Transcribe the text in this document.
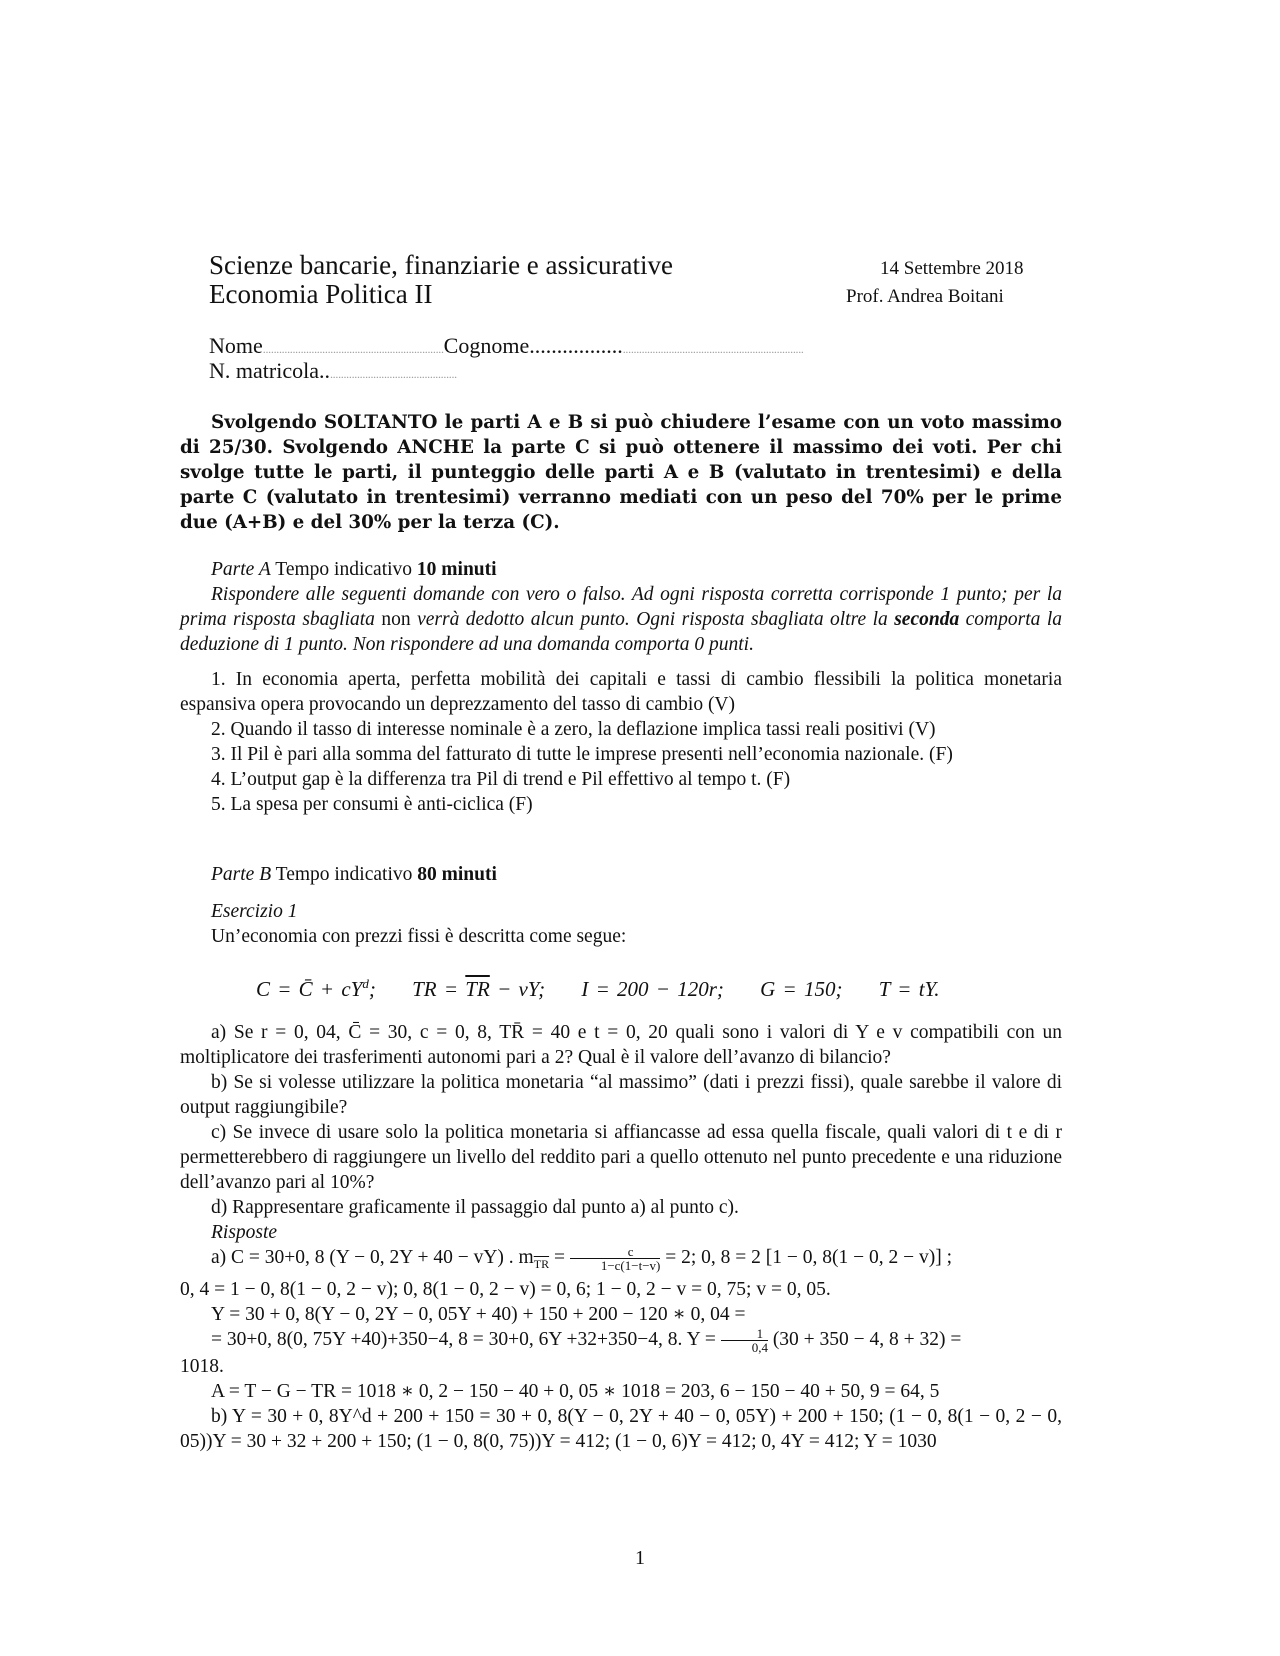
Scienze bancarie, finanziarie e assicurative
Economia Politica II
14 Settembre 2018
Prof. Andrea Boitani
Nome...................................................................Cognome....................................................................................
N. matricola.................................................

Svolgendo SOLTANTO le parti A e B si può chiudere l’esame con un voto massimo di 25/30. Svolgendo ANCHE la parte C si può ottenere il massimo dei voti. Per chi svolge tutte le parti, il punteggio delle parti A e B (valutato in trentesimi) e della parte C (valutato in trentesimi) verranno mediati con un peso del 70% per le prime due (A+B) e del 30% per la terza (C).

Parte A Tempo indicativo 10 minuti

Rispondere alle seguenti domande con vero o falso. Ad ogni risposta corretta corrisponde 1 punto; per la prima risposta sbagliata non verrà dedotto alcun punto. Ogni risposta sbagliata oltre la seconda comporta la deduzione di 1 punto. Non rispondere ad una domanda comporta 0 punti.

1. In economia aperta, perfetta mobilità dei capitali e tassi di cambio flessibili la politica monetaria espansiva opera provocando un deprezzamento del tasso di cambio (V)

2. Quando il tasso di interesse nominale è a zero, la deflazione implica tassi reali positivi (V)

3. Il Pil è pari alla somma del fatturato di tutte le imprese presenti nell’economia nazionale. (F)

4. L’output gap è la differenza tra Pil di trend e Pil effettivo al tempo t. (F)

5. La spesa per consumi è anti-ciclica (F)

Parte B Tempo indicativo 80 minuti

Esercizio 1

Un’economia con prezzi fissi è descritta come segue:

C = C̄ + $cY^d$; TR = $\overline{TR}$ − vY; I = 200 − 120r; G = 150; T = tY.

a) Se r = 0, 04, C̄ = 30, c = 0, 8, TR̄ = 40 e t = 0, 20 quali sono i valori di Y e v compatibili con un moltiplicatore dei trasferimenti autonomi pari a 2? Qual è il valore dell’avanzo di bilancio?

b) Se si volesse utilizzare la politica monetaria “al massimo” (dati i prezzi fissi), quale sarebbe il valore di output raggiungibile?

c) Se invece di usare solo la politica monetaria si affiancasse ad essa quella fiscale, quali valori di t e di r permetterebbero di raggiungere un livello del reddito pari a quello ottenuto nel punto precedente e una riduzione dell’avanzo pari al 10%?

d) Rappresentare graficamente il passaggio dal punto a) al punto c).

Risposte

a) C = 30+0, 8 (Y − 0, 2Y + 40 − vY) . $m_{\overline{TR}} = \frac{c}{1-c(1-t-v)} = 2$; 0, 8 = 2 [1 − 0, 8(1 − 0, 2 − v)] ;

0, 4 = 1 − 0, 8(1 − 0, 2 − v); 0, 8(1 − 0, 2 − v) = 0, 6; 1 − 0, 2 − v = 0, 75; v = 0, 05.

Y = 30 + 0, 8(Y − 0, 2Y − 0, 05Y + 40) + 150 + 200 − 120 ∗ 0, 04 =

= 30+0, 8(0, 75Y +40)+350−4, 8 = 30+0, 6Y +32+350−4, 8. $Y = \frac{1}{0,4} (30 + 350 - 4$, 8 + 32) =

1018.

A = T − G − TR = 1018 ∗ 0, 2 − 150 − 40 + 0, 05 ∗ 1018 = 203, 6 − 150 − 40 + 50, 9 = 64, 5

b) Y = 30 + 0, 8Y^d + 200 + 150 = 30 + 0, 8(Y − 0, 2Y + 40 − 0, 05Y) + 200 + 150; (1 − 0, 8(1 − 0, 2 − 0, 05))Y = 30 + 32 + 200 + 150; (1 − 0, 8(0, 75))Y = 412; (1 − 0, 6)Y = 412; 0, 4Y = 412; Y = 1030

1
